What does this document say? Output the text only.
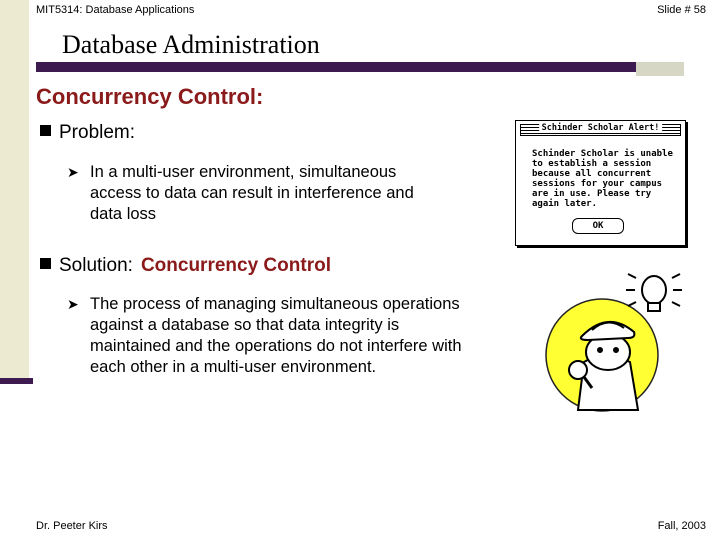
MIT5314: Database Applications	Slide # 58
Database Administration
Concurrency Control:
Problem:
➤ In a multi-user environment, simultaneous access to data can result in interference and data loss
Solution: Concurrency Control
➤ The process of managing simultaneous operations against a database so that data integrity is maintained and the operations do not interfere with each other in a multi-user environment.
Schinder Scholar Alert!
Schinder Scholar is unable to establish a session because all concurrent sessions for your campus are in use. Please try again later.
OK
Dr. Peeter Kirs	Fall, 2003
